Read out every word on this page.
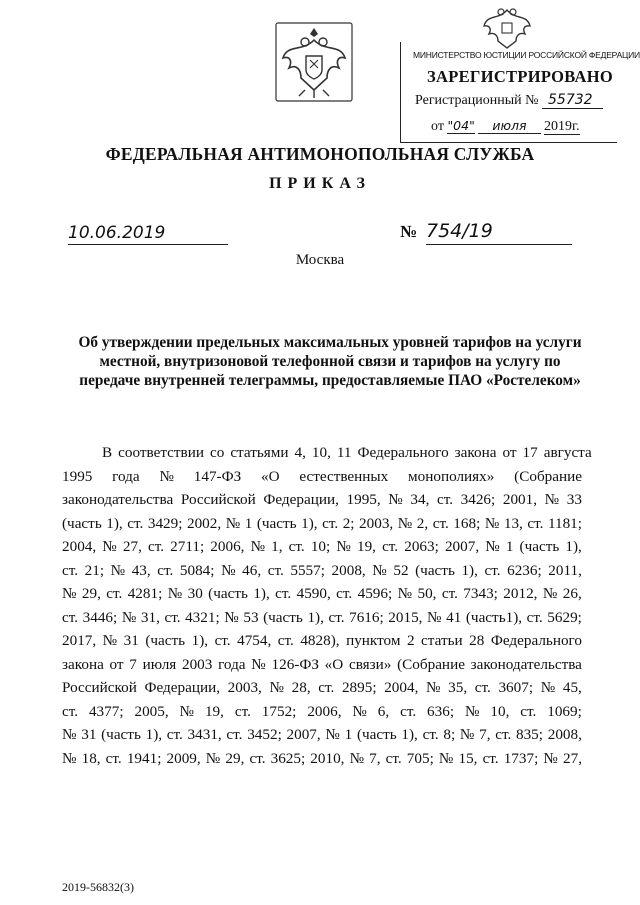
МИНИСТЕРСТВО ЮСТИЦИИ РОССИЙСКОЙ ФЕДЕРАЦИИ
ЗАРЕГИСТРИРОВАНО
Регистрационный № 55732
от "04" июля 2019г.
ФЕДЕРАЛЬНАЯ АНТИМОНОПОЛЬНАЯ СЛУЖБА
ПРИКАЗ
10.06.2019	№ 754/19
Москва
Об утверждении предельных максимальных уровней тарифов на услуги
местной, внутризоновой телефонной связи и тарифов на услугу по
передаче внутренней телеграммы, предоставляемые ПАО «Ростелеком»
В соответствии со статьями 4, 10, 11 Федерального закона от 17 августа
1995 года № 147-ФЗ «О естественных монополиях» (Собрание
законодательства Российской Федерации, 1995, № 34, ст. 3426; 2001, № 33
(часть 1), ст. 3429; 2002, № 1 (часть 1), ст. 2; 2003, № 2, ст. 168; № 13, ст. 1181;
2004, № 27, ст. 2711; 2006, № 1, ст. 10; № 19, ст. 2063; 2007, № 1 (часть 1),
ст. 21; № 43, ст. 5084; № 46, ст. 5557; 2008, № 52 (часть 1), ст. 6236; 2011,
№ 29, ст. 4281; № 30 (часть 1), ст. 4590, ст. 4596; № 50, ст. 7343; 2012, № 26,
ст. 3446; № 31, ст. 4321; № 53 (часть 1), ст. 7616; 2015, № 41 (часть1), ст. 5629;
2017, № 31 (часть 1), ст. 4754, ст. 4828), пунктом 2 статьи 28 Федерального
закона от 7 июля 2003 года № 126-ФЗ «О связи» (Собрание законодательства
Российской Федерации, 2003, № 28, ст. 2895; 2004, № 35, ст. 3607; № 45,
ст. 4377; 2005, № 19, ст. 1752; 2006, № 6, ст. 636; № 10, ст. 1069;
№ 31 (часть 1), ст. 3431, ст. 3452; 2007, № 1 (часть 1), ст. 8; № 7, ст. 835; 2008,
№ 18, ст. 1941; 2009, № 29, ст. 3625; 2010, № 7, ст. 705; № 15, ст. 1737; № 27,
2019-56832(3)
